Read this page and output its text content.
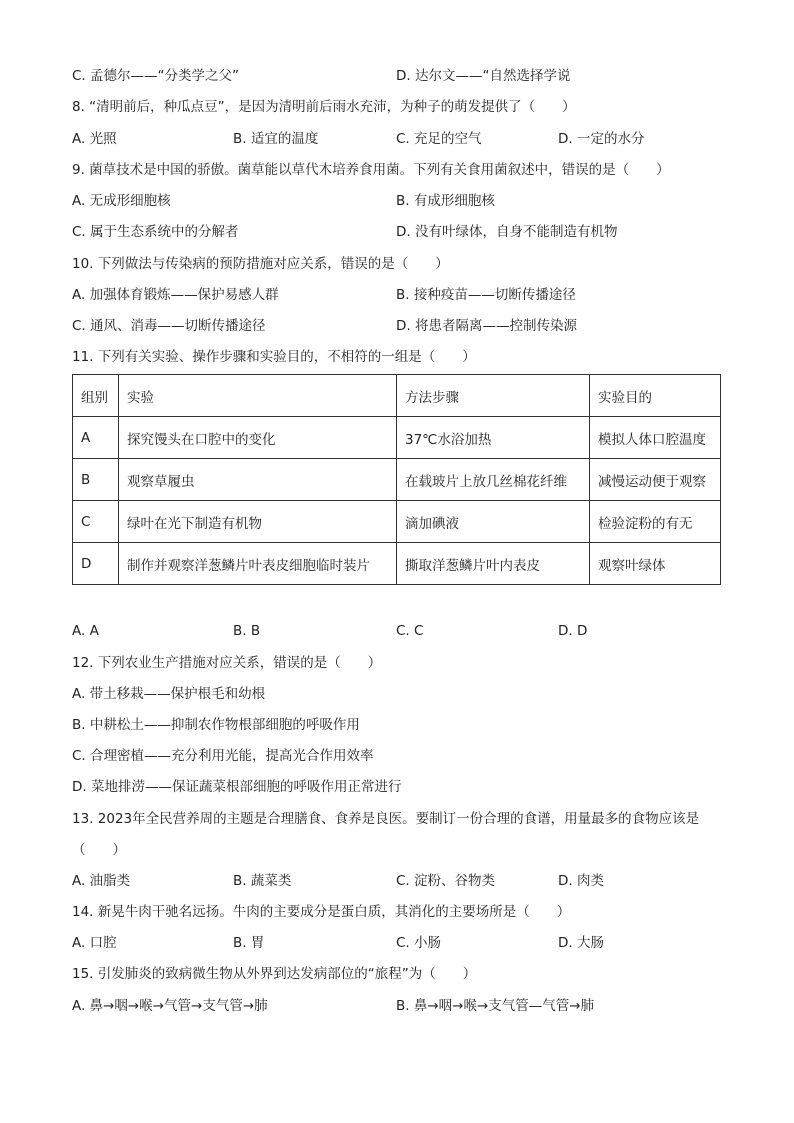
C. 孟德尔——“分类学之父”	D. 达尔文——“自然选择学说
8. “清明前后，种瓜点豆”，是因为清明前后雨水充沛，为种子的萌发提供了（　　）
A. 光照	B. 适宜的温度	C. 充足的空气	D. 一定的水分
9. 菌草技术是中国的骄傲。菌草能以草代木培养食用菌。下列有关食用菌叙述中，错误的是（　　）
A. 无成形细胞核	B. 有成形细胞核
C. 属于生态系统中的分解者	D. 没有叶绿体，自身不能制造有机物
10. 下列做法与传染病的预防措施对应关系，错误的是（　　）
A. 加强体育锻炼——保护易感人群	B. 接种疫苗——切断传播途径
C. 通风、消毒——切断传播途径	D. 将患者隔离——控制传染源
11. 下列有关实验、操作步骤和实验目的，不相符的一组是（　　）
组别	实验	方法步骤	实验目的
A	探究馒头在口腔中的变化	37℃水浴加热	模拟人体口腔温度
B	观察草履虫	在载玻片上放几丝棉花纤维	减慢运动便于观察
C	绿叶在光下制造有机物	滴加碘液	检验淀粉的有无
D	制作并观察洋葱鳞片叶表皮细胞临时装片	撕取洋葱鳞片叶内表皮	观察叶绿体
A. A	B. B	C. C	D. D
12. 下列农业生产措施对应关系，错误的是（　　）
A. 带土移栽——保护根毛和幼根
B. 中耕松土——抑制农作物根部细胞的呼吸作用
C. 合理密植——充分利用光能，提高光合作用效率
D. 菜地排涝——保证蔬菜根部细胞的呼吸作用正常进行
13. 2023年全民营养周的主题是合理膳食、食养是良医。要制订一份合理的食谱，用量最多的食物应该是
（　　）
A. 油脂类	B. 蔬菜类	C. 淀粉、谷物类	D. 肉类
14. 新晃牛肉干驰名远扬。牛肉的主要成分是蛋白质，其消化的主要场所是（　　）
A. 口腔	B. 胃	C. 小肠	D. 大肠
15. 引发肺炎的致病微生物从外界到达发病部位的“旅程”为（　　）
A. 鼻→咽→喉→气管→支气管→肺	B. 鼻→咽→喉→支气管—气管→肺
